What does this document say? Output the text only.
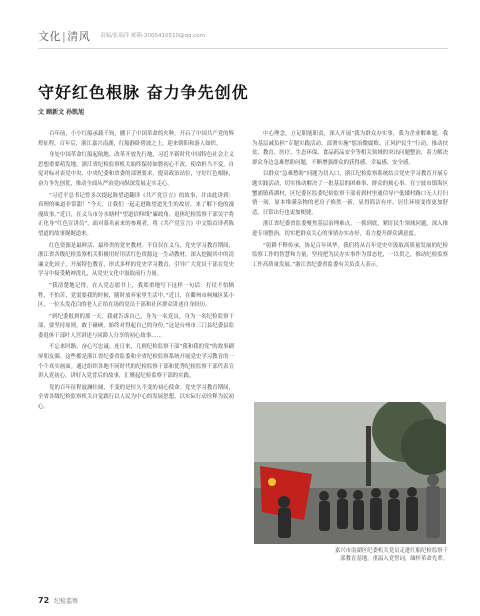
文化|清风 责编/张瑞萍 邮箱:2005410510@qq.com
守好红色根脉 奋力争先创优
文 顾新文 孙凯旭

百年前，小小红船承载千钧，播下了中国革命的火种，开启了中国共产党的辉煌征程。百年后，浙江嘉兴南湖，红船静卧碧波之上，迎来朝阳和游人如织。

身处中国革命红船起航地、改革开放先行地，习近平新时代中国特色社会主义思想重要萌发地，浙江省纪检监察机关始终保持如磐初心不改、使命担当不变，自觉对标对表党中央、中央纪委和省委的部署要求，提高政治站位，守好红色根脉，奋力争先创优，推动全面从严治党向纵深发展走实走心。

“习近平总书记曾多次提起陈望道翻译《共产党宣言》的故事，并由此讲到：真理的味道非常甜！”今天，让我们一起走进陈望道先生的故居，来了解下他的漫漫故事。”近日，在义乌市分水塘村“望道信仰线”廉政角，退休纪检监察干部吴宇将正化身“红色宣讲员”，面对慕名前来的参观者，将《共产党宣言》中文版首译者陈望道的故事娓娓道来。

红色资源是最鲜活、最珍贵的党史教材。不仅仅在义乌，党史学习教育期间，浙江省各级纪检监察机关积极用好用活红色资源这一生动教材，深入挖掘其中的清廉文化因子，开展特色教育，形式多样的党史学习教育，引导广大党员干部在党史学习中接受精神洗礼，从党史文化中汲取前行力量。

“我清楚地记得，在入党志愿书上，我郑重地写下这样一句话：打仗不怕牺牲，不怕苦，党需要我的时候，随时放弃家里生活中，”近日，在衢州市柯城区某小区，一位头发花白的老人正给在场的党员干部和社区群众讲述自身经历。

“到纪委报到的那一天，我就告诉自己，身为一名党员，身为一名纪检监察干部，要坚持原则，敢于碰硬，始终对得起自己的身份。”这是台州市三门县纪委县监委退休干部叶人宫讲述与同龄人分享的初心故事……

不忘来时路，奋心写忠诚。连日来，几则纪检监察干部“我和我的党”的故事刷屏朋友圈。这些都是浙江省纪委省监委和全省纪检监察系统开展党史学习教育的一个个真实画面。通过组织各地不同时代的纪检监察干部和优秀纪检监察干部代表宣讲入党初心，讲好入党背后的故事，汇聚起纪检监察干部的实践。

党的百年征程波澜壮阔，不变的是恒久不变的初心使命。党史学习教育期间，全省各级纪检监察机关自觉践行以人民为中心的发展思想，以实际行动诠释为民初心。

中心理念，立足职能职责，深入开展“我为群众办实事，我为企业解难题，我为基层减负担”专题实践活动，部署实施“惩治微腐败、正风护民生”行动，推动扶贫、教育、医疗、生态环保、食品药品安全等相关领域的突出问题整治，着力解决群众身边急难愁盼问题，不断增强群众的获得感、幸福感、安全感。

以群众“急难愁盼”问题为切入口，浙江纪检监察系统结合党史学习教育开展专题实践活动，切实推动解决了一批基层的困难事、群众的烦心事。在宁波市镇海区蟹浦镇蒋湖村，区纪委区监委纪检监察干部看到村里通信导户低矮村路口无人打扫情一间，原本堆满杂物的老房子焕然一新，显得简洁有序，居住环境变得更加舒适，日常出行也更加便捷。

浙江省纪委省监委聚焦基层治理难点，一抓到底，紧盯民生领域问题，深入推进专项整治，切实把群众关心的事情办实办好，着力提升群众满意度。

“躬耕不释传承，协足百年风华。我们将从百年党史中汲取高质量发展的纪检监察工作的智慧和力量，坚持把为民办实事作为常态化，一以贯之，推动纪检监察工作高质量发展。”浙江省纪委省监委有关负责人表示。

嘉兴市南湖区纪委机关党员走进红船纪检监察干
部教育基地，重温入党誓词，缅怀革命先辈。
72 纪检监察
